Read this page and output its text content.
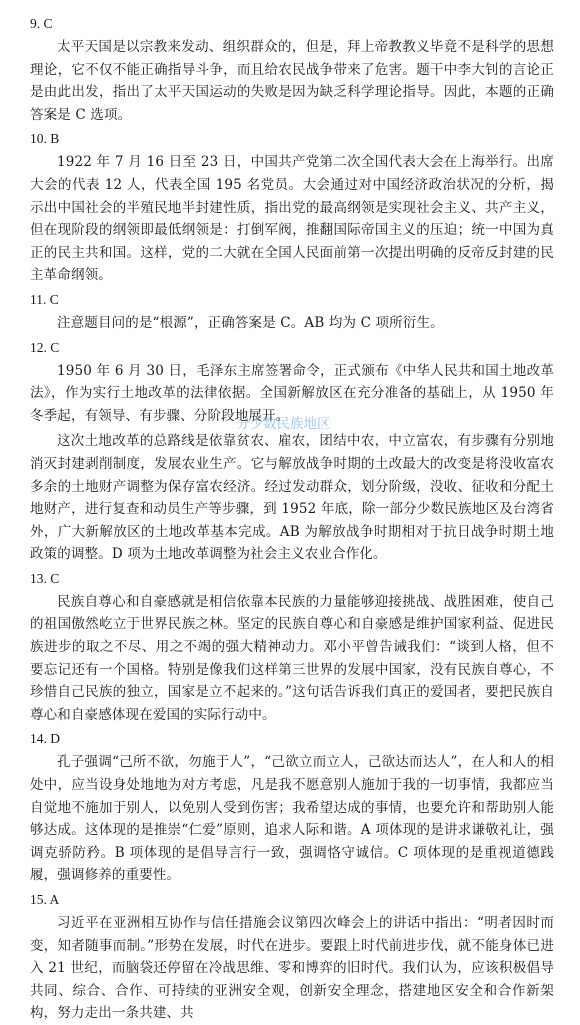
9. C

太平天国是以宗教来发动、组织群众的，但是，拜上帝教教义毕竟不是科学的思想理论，它不仅不能正确指导斗争，而且给农民战争带来了危害。题干中李大钊的言论正是由此出发，指出了太平天国运动的失败是因为缺乏科学理论指导。因此，本题的正确答案是 C 选项。

10. B

1922 年 7 月 16 日至 23 日，中国共产党第二次全国代表大会在上海举行。出席大会的代表 12 人，代表全国 195 名党员。大会通过对中国经济政治状况的分析，揭示出中国社会的半殖民地半封建性质，指出党的最高纲领是实现社会主义、共产主义，但在现阶段的纲领即最低纲领是：打倒军阀，推翻国际帝国主义的压迫；统一中国为真正的民主共和国。这样，党的二大就在全国人民面前第一次提出明确的反帝反封建的民主革命纲领。

11. C

注意题目问的是“根源”，正确答案是 C。AB 均为 C 项所衍生。

12. C

1950 年 6 月 30 日，毛泽东主席签署命令，正式颁布《中华人民共和国土地改革法》，作为实行土地改革的法律依据。全国新解放区在充分准备的基础上，从 1950 年冬季起，有领导、有步骤、分阶段地展开。

这次土地改革的总路线是依靠贫农、雇农，团结中农，中立富农，有步骤有分别地消灭封建剥削制度，发展农业生产。它与解放战争时期的土改最大的改变是将没收富农多余的土地财产调整为保存富农经济。经过发动群众，划分阶级，没收、征收和分配土地财产，进行复查和动员生产等步骤，到 1952 年底，除一部分少数民族地区及台湾省外，广大新解放区的土地改革基本完成。AB 为解放战争时期相对于抗日战争时期土地政策的调整。D 项为土地改革调整为社会主义农业合作化。

13. C

民族自尊心和自豪感就是相信依靠本民族的力量能够迎接挑战、战胜困难，使自己的祖国傲然屹立于世界民族之林。坚定的民族自尊心和自豪感是维护国家利益、促进民族进步的取之不尽、用之不竭的强大精神动力。邓小平曾告诫我们：“谈到人格，但不要忘记还有一个国格。特别是像我们这样第三世界的发展中国家，没有民族自尊心，不珍惜自己民族的独立，国家是立不起来的。”这句话告诉我们真正的爱国者，要把民族自尊心和自豪感体现在爱国的实际行动中。

14. D

孔子强调“己所不欲，勿施于人”，“己欲立而立人，己欲达而达人”，在人和人的相处中，应当设身处地地为对方考虑，凡是我不愿意别人施加于我的一切事情，我都应当自觉地不施加于别人，以免别人受到伤害；我希望达成的事情，也要允许和帮助别人能够达成。这体现的是推崇“仁爱”原则，追求人际和谐。A 项体现的是讲求谦敬礼让，强调克骄防矜。B 项体现的是倡导言行一致，强调恪守诚信。C 项体现的是重视道德践履，强调修养的重要性。

15. A

习近平在亚洲相互协作与信任措施会议第四次峰会上的讲话中指出：“明者因时而变，知者随事而制。”形势在发展，时代在进步。要跟上时代前进步伐，就不能身体已进入 21 世纪，而脑袋还停留在冷战思维、零和博弈的旧时代。我们认为，应该积极倡导共同、综合、合作、可持续的亚洲安全观，创新安全理念，搭建地区安全和合作新架构，努力走出一条共建、共

分少数民族地区
